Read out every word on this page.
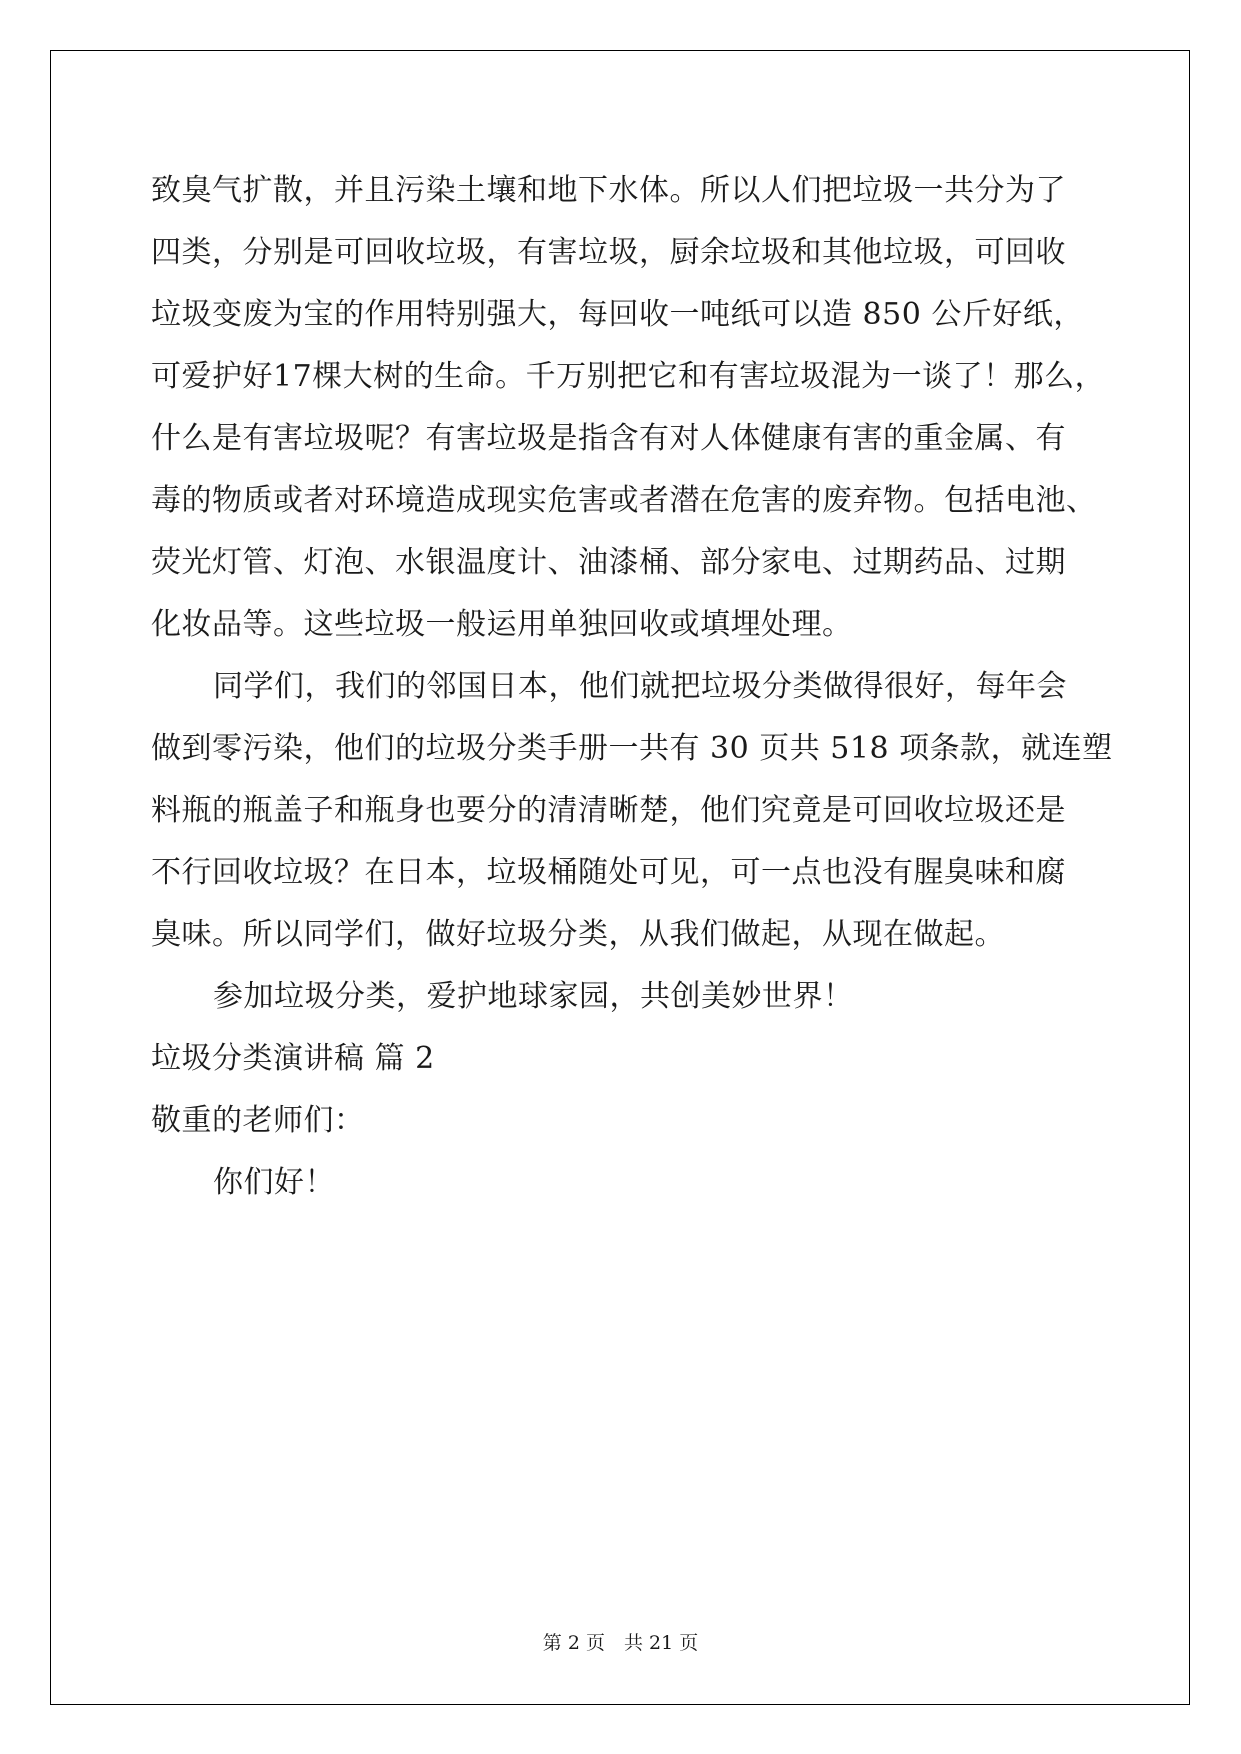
致臭气扩散，并且污染土壤和地下水体。所以人们把垃圾一共分为了
四类，分别是可回收垃圾，有害垃圾，厨余垃圾和其他垃圾，可回收
垃圾变废为宝的作用特别强大，每回收一吨纸可以造 850 公斤好纸，
可爱护好17棵大树的生命。千万别把它和有害垃圾混为一谈了！那么，
什么是有害垃圾呢？有害垃圾是指含有对人体健康有害的重金属、有
毒的物质或者对环境造成现实危害或者潜在危害的废弃物。包括电池、
荧光灯管、灯泡、水银温度计、油漆桶、部分家电、过期药品、过期
化妆品等。这些垃圾一般运用单独回收或填埋处理。
同学们，我们的邻国日本，他们就把垃圾分类做得很好，每年会
做到零污染，他们的垃圾分类手册一共有 30 页共 518 项条款，就连塑
料瓶的瓶盖子和瓶身也要分的清清晰楚，他们究竟是可回收垃圾还是
不行回收垃圾？在日本，垃圾桶随处可见，可一点也没有腥臭味和腐
臭味。所以同学们，做好垃圾分类，从我们做起，从现在做起。
参加垃圾分类，爱护地球家园，共创美妙世界！
垃圾分类演讲稿 篇 2
敬重的老师们：
你们好！
第 2 页　共 21 页
